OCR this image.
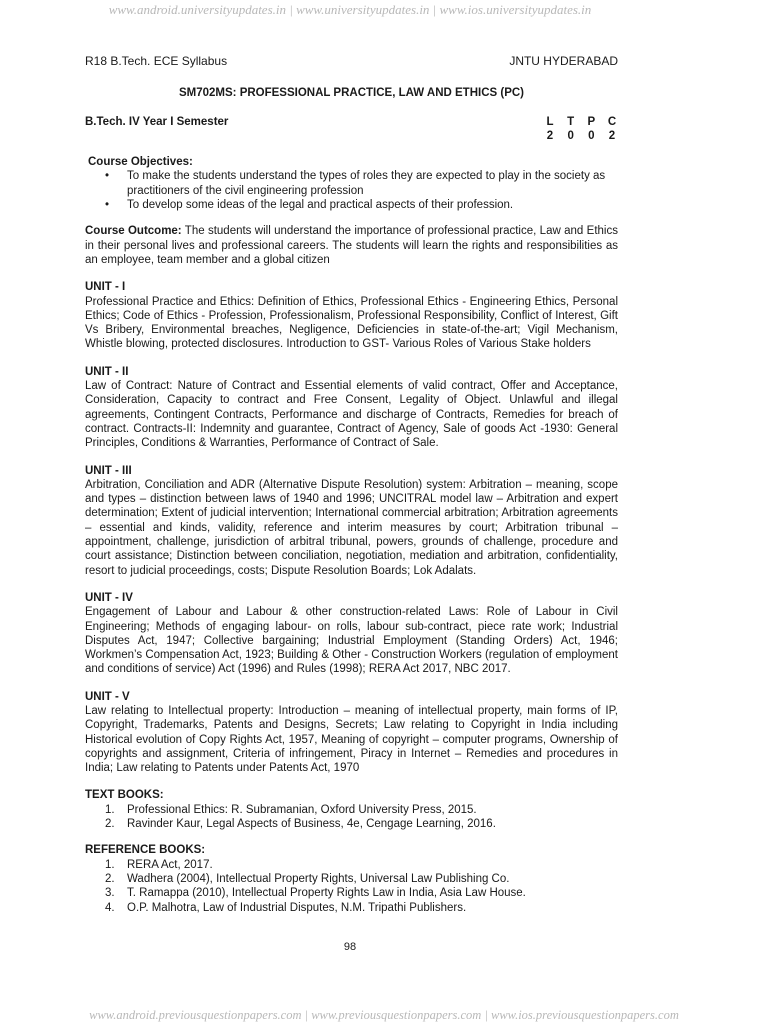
www.android.universityupdates.in | www.universityupdates.in | www.ios.universityupdates.in
R18 B.Tech. ECE Syllabus	JNTU HYDERABAD
SM702MS: PROFESSIONAL PRACTICE, LAW AND ETHICS (PC)
B.Tech. IV Year I Semester	L T P C
2 0 0 2
Course Objectives:
• To make the students understand the types of roles they are expected to play in the society as practitioners of the civil engineering profession
• To develop some ideas of the legal and practical aspects of their profession.
Course Outcome: The students will understand the importance of professional practice, Law and Ethics in their personal lives and professional careers. The students will learn the rights and responsibilities as an employee, team member and a global citizen
UNIT - I
Professional Practice and Ethics: Definition of Ethics, Professional Ethics - Engineering Ethics, Personal Ethics; Code of Ethics - Profession, Professionalism, Professional Responsibility, Conflict of Interest, Gift Vs Bribery, Environmental breaches, Negligence, Deficiencies in state-of-the-art; Vigil Mechanism, Whistle blowing, protected disclosures. Introduction to GST- Various Roles of Various Stake holders
UNIT - II
Law of Contract: Nature of Contract and Essential elements of valid contract, Offer and Acceptance, Consideration, Capacity to contract and Free Consent, Legality of Object. Unlawful and illegal agreements, Contingent Contracts, Performance and discharge of Contracts, Remedies for breach of contract. Contracts-II: Indemnity and guarantee, Contract of Agency, Sale of goods Act -1930: General Principles, Conditions & Warranties, Performance of Contract of Sale.
UNIT - III
Arbitration, Conciliation and ADR (Alternative Dispute Resolution) system: Arbitration – meaning, scope and types – distinction between laws of 1940 and 1996; UNCITRAL model law – Arbitration and expert determination; Extent of judicial intervention; International commercial arbitration; Arbitration agreements – essential and kinds, validity, reference and interim measures by court; Arbitration tribunal – appointment, challenge, jurisdiction of arbitral tribunal, powers, grounds of challenge, procedure and court assistance; Distinction between conciliation, negotiation, mediation and arbitration, confidentiality, resort to judicial proceedings, costs; Dispute Resolution Boards; Lok Adalats.
UNIT - IV
Engagement of Labour and Labour & other construction-related Laws: Role of Labour in Civil Engineering; Methods of engaging labour- on rolls, labour sub-contract, piece rate work; Industrial Disputes Act, 1947; Collective bargaining; Industrial Employment (Standing Orders) Act, 1946; Workmen’s Compensation Act, 1923; Building & Other - Construction Workers (regulation of employment and conditions of service) Act (1996) and Rules (1998); RERA Act 2017, NBC 2017.
UNIT - V
Law relating to Intellectual property: Introduction – meaning of intellectual property, main forms of IP, Copyright, Trademarks, Patents and Designs, Secrets; Law relating to Copyright in India including Historical evolution of Copy Rights Act, 1957, Meaning of copyright – computer programs, Ownership of copyrights and assignment, Criteria of infringement, Piracy in Internet – Remedies and procedures in India; Law relating to Patents under Patents Act, 1970
TEXT BOOKS:
1. Professional Ethics: R. Subramanian, Oxford University Press, 2015.
2. Ravinder Kaur, Legal Aspects of Business, 4e, Cengage Learning, 2016.
REFERENCE BOOKS:
1. RERA Act, 2017.
2. Wadhera (2004), Intellectual Property Rights, Universal Law Publishing Co.
3. T. Ramappa (2010), Intellectual Property Rights Law in India, Asia Law House.
4. O.P. Malhotra, Law of Industrial Disputes, N.M. Tripathi Publishers.
98
www.android.previousquestionpapers.com | www.previousquestionpapers.com | www.ios.previousquestionpapers.com
